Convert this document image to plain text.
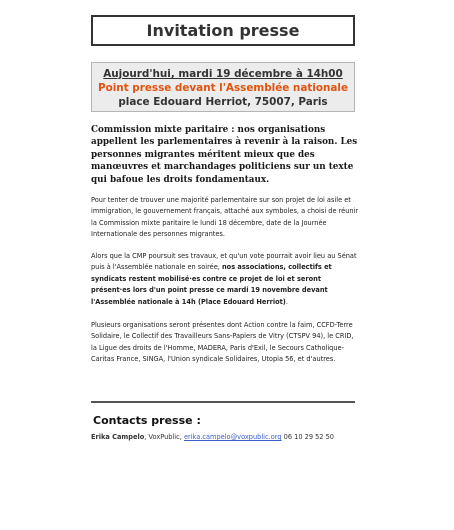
Invitation presse
Aujourd'hui, mardi 19 décembre à 14h00
Point presse devant l'Assemblée nationale
place Edouard Herriot, 75007, Paris

Commission mixte paritaire : nos organisations appellent les parlementaires à revenir à la raison. Les personnes migrantes méritent mieux que des manœuvres et marchandages politiciens sur un texte qui bafoue les droits fondamentaux.

Pour tenter de trouver une majorité parlementaire sur son projet de loi asile et immigration, le gouvernement français, attaché aux symboles, a choisi de réunir la Commission mixte paritaire le lundi 18 décembre, date de la Journée Internationale des personnes migrantes.

Alors que la CMP poursuit ses travaux, et qu'un vote pourrait avoir lieu au Sénat puis à l'Assemblée nationale en soirée, nos associations, collectifs et syndicats restent mobilisé·es contre ce projet de loi et seront présent·es lors d'un point presse ce mardi 19 novembre devant l'Assemblée nationale à 14h (Place Edouard Herriot).

Plusieurs organisations seront présentes dont Action contre la faim, CCFD-Terre Solidaire, le Collectif des Travailleurs Sans-Papiers de Vitry (CTSPV 94), le CRID, la Ligue des droits de l'Homme, MADERA, Paris d'Exil, le Secours Catholique-Caritas France, SINGA, l'Union syndicale Solidaires, Utopia 56, et d'autres.

Contacts presse :

Erika Campelo, VoxPublic, erika.campelo@voxpublic.org 06 10 29 52 50
